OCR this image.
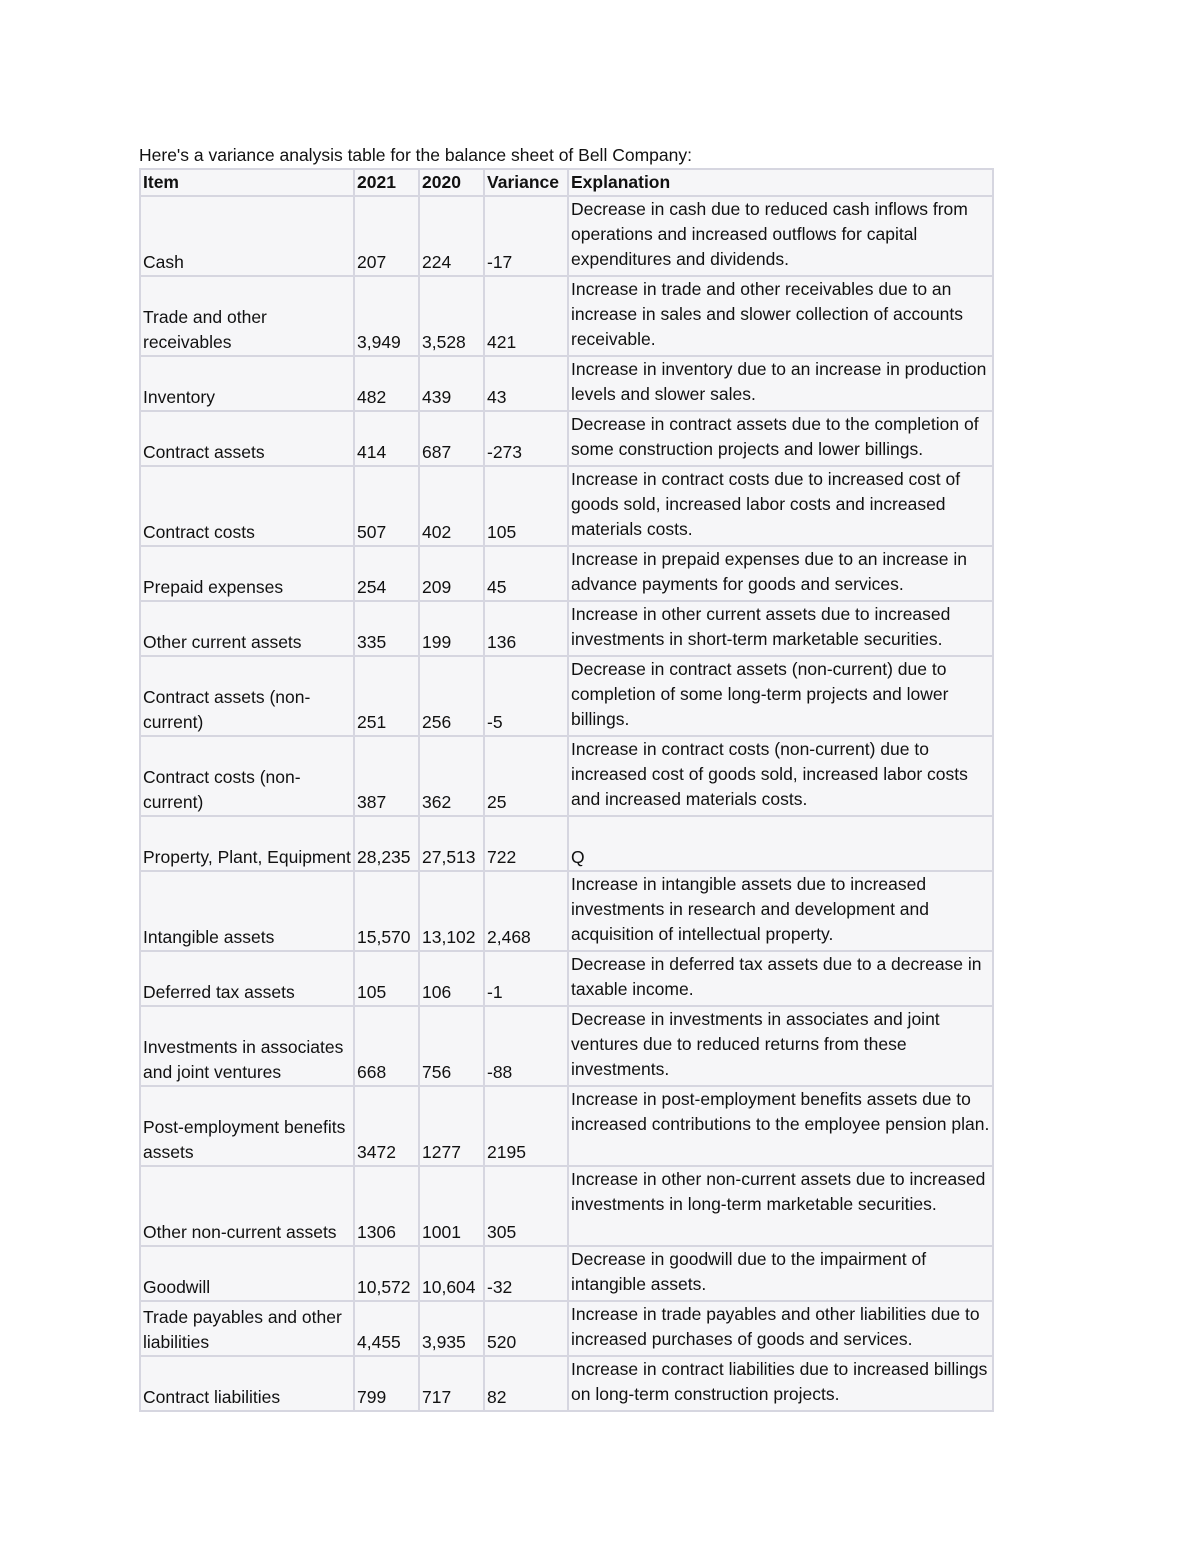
Here's a variance analysis table for the balance sheet of Bell Company:

Item	2021	2020	Variance	Explanation
Cash	207	224	-17	Decrease in cash due to reduced cash inflows from operations and increased outflows for capital expenditures and dividends.
Trade and other receivables	3,949	3,528	421	Increase in trade and other receivables due to an increase in sales and slower collection of accounts receivable.
Inventory	482	439	43	Increase in inventory due to an increase in production levels and slower sales.
Contract assets	414	687	-273	Decrease in contract assets due to the completion of some construction projects and lower billings.
Contract costs	507	402	105	Increase in contract costs due to increased cost of goods sold, increased labor costs and increased materials costs.
Prepaid expenses	254	209	45	Increase in prepaid expenses due to an increase in advance payments for goods and services.
Other current assets	335	199	136	Increase in other current assets due to increased investments in short-term marketable securities.
Contract assets (non-current)	251	256	-5	Decrease in contract assets (non-current) due to completion of some long-term projects and lower billings.
Contract costs (non-current)	387	362	25	Increase in contract costs (non-current) due to increased cost of goods sold, increased labor costs and increased materials costs.
Property, Plant, Equipment	28,235	27,513	722	Q
Intangible assets	15,570	13,102	2,468	Increase in intangible assets due to increased investments in research and development and acquisition of intellectual property.
Deferred tax assets	105	106	-1	Decrease in deferred tax assets due to a decrease in taxable income.
Investments in associates and joint ventures	668	756	-88	Decrease in investments in associates and joint ventures due to reduced returns from these investments.
Post-employment benefits assets	3472	1277	2195	Increase in post-employment benefits assets due to increased contributions to the employee pension plan.
Other non-current assets	1306	1001	305	Increase in other non-current assets due to increased investments in long-term marketable securities.
Goodwill	10,572	10,604	-32	Decrease in goodwill due to the impairment of intangible assets.
Trade payables and other liabilities	4,455	3,935	520	Increase in trade payables and other liabilities due to increased purchases of goods and services.
Contract liabilities	799	717	82	Increase in contract liabilities due to increased billings on long-term construction projects.
